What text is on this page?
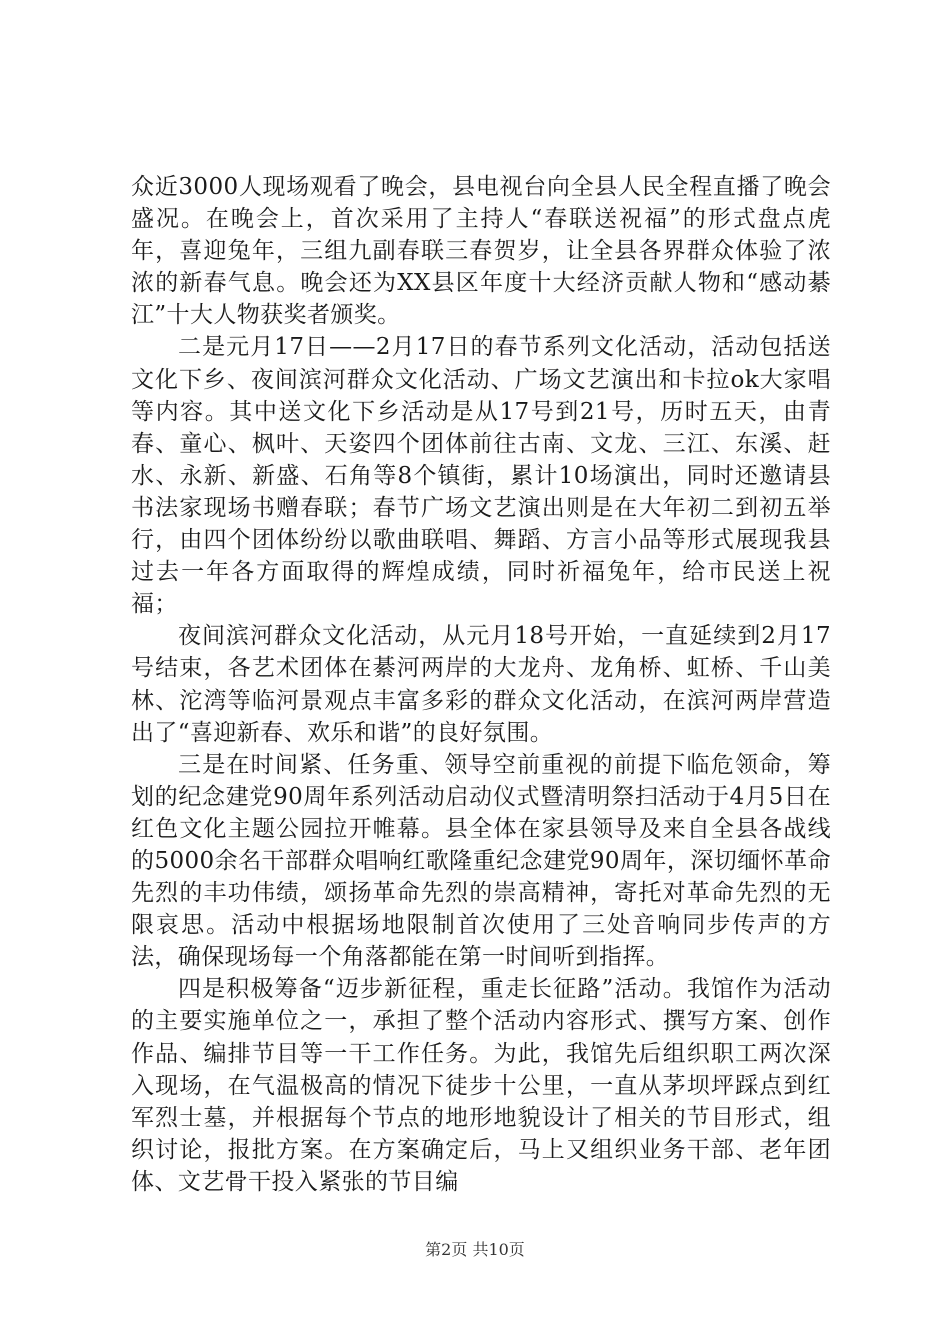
众近3000人现场观看了晚会，县电视台向全县人民全程直播了晚会盛况。在晚会上，首次采用了主持人“春联送祝福”的形式盘点虎年，喜迎兔年，三组九副春联三春贺岁，让全县各界群众体验了浓浓的新春气息。晚会还为XX县区年度十大经济贡献人物和“感动綦江”十大人物获奖者颁奖。

二是元月17日——2月17日的春节系列文化活动，活动包括送文化下乡、夜间滨河群众文化活动、广场文艺演出和卡拉ok大家唱等内容。其中送文化下乡活动是从17号到21号，历时五天，由青春、童心、枫叶、天姿四个团体前往古南、文龙、三江、东溪、赶水、永新、新盛、石角等8个镇街，累计10场演出，同时还邀请县书法家现场书赠春联；春节广场文艺演出则是在大年初二到初五举行，由四个团体纷纷以歌曲联唱、舞蹈、方言小品等形式展现我县过去一年各方面取得的辉煌成绩，同时祈福兔年，给市民送上祝福；

夜间滨河群众文化活动，从元月18号开始，一直延续到2月17号结束，各艺术团体在綦河两岸的大龙舟、龙角桥、虹桥、千山美林、沱湾等临河景观点丰富多彩的群众文化活动，在滨河两岸营造出了“喜迎新春、欢乐和谐”的良好氛围。

三是在时间紧、任务重、领导空前重视的前提下临危领命，筹划的纪念建党90周年系列活动启动仪式暨清明祭扫活动于4月5日在红色文化主题公园拉开帷幕。县全体在家县领导及来自全县各战线的5000余名干部群众唱响红歌隆重纪念建党90周年，深切缅怀革命先烈的丰功伟绩，颂扬革命先烈的崇高精神，寄托对革命先烈的无限哀思。活动中根据场地限制首次使用了三处音响同步传声的方法，确保现场每一个角落都能在第一时间听到指挥。

四是积极筹备“迈步新征程，重走长征路”活动。我馆作为活动的主要实施单位之一，承担了整个活动内容形式、撰写方案、创作作品、编排节目等一干工作任务。为此，我馆先后组织职工两次深入现场，在气温极高的情况下徒步十公里，一直从茅坝坪踩点到红军烈士墓，并根据每个节点的地形地貌设计了相关的节目形式，组织讨论，报批方案。在方案确定后，马上又组织业务干部、老年团体、文艺骨干投入紧张的节目编

第2页 共10页
